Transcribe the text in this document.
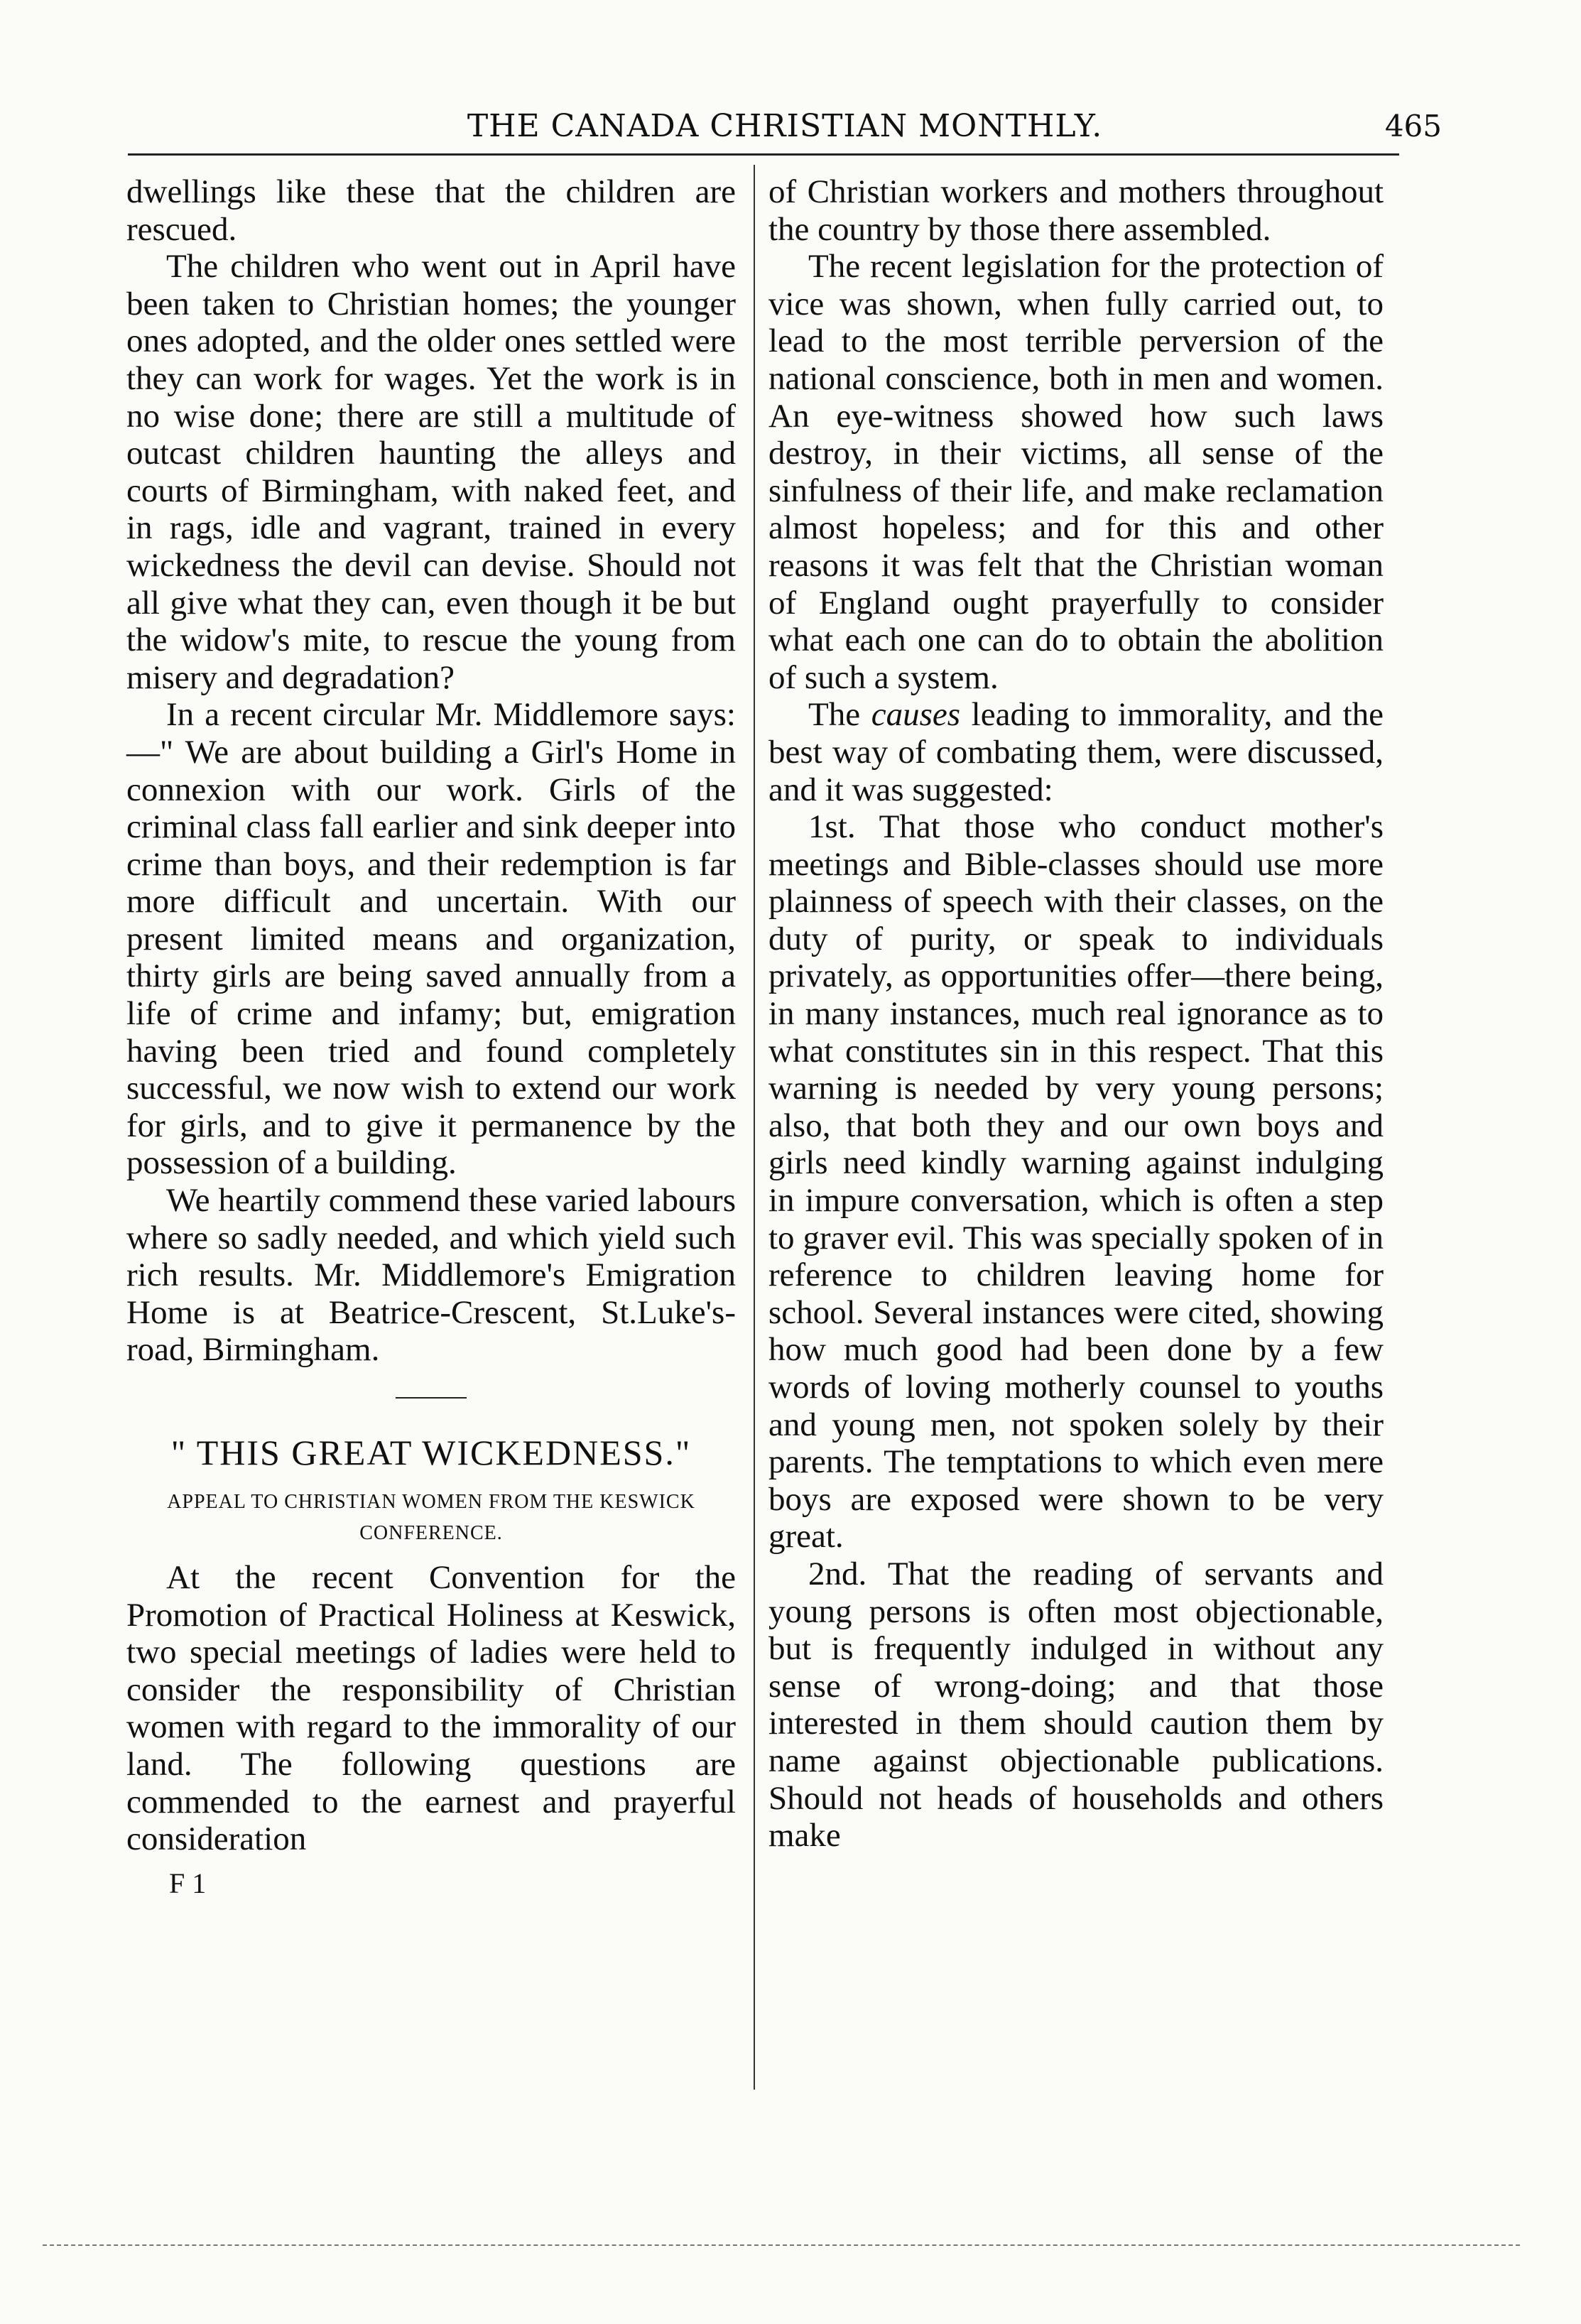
THE CANADA CHRISTIAN MONTHLY.	465

dwellings like these that the children are rescued.

The children who went out in April have been taken to Christian homes; the younger ones adopted, and the older ones settled were they can work for wages. Yet the work is in no wise done; there are still a multitude of outcast children haunting the alleys and courts of Birmingham, with naked feet, and in rags, idle and vagrant, trained in every wickedness the devil can devise. Should not all give what they can, even though it be but the widow's mite, to rescue the young from misery and degradation?

In a recent circular Mr. Middlemore says:—" We are about building a Girl's Home in connexion with our work. Girls of the criminal class fall earlier and sink deeper into crime than boys, and their redemption is far more difficult and uncertain. With our present limited means and organization, thirty girls are being saved annually from a life of crime and infamy; but, emigration having been tried and found completely successful, we now wish to extend our work for girls, and to give it permanence by the possession of a building.

We heartily commend these varied labours where so sadly needed, and which yield such rich results. Mr. Middlemore's Emigration Home is at Beatrice-Crescent, St.Luke's-road, Birmingham.

" THIS GREAT WICKEDNESS."
APPEAL TO CHRISTIAN WOMEN FROM THE KESWICK CONFERENCE.

At the recent Convention for the Promotion of Practical Holiness at Keswick, two special meetings of ladies were held to consider the responsibility of Christian women with regard to the immorality of our land. The following questions are commended to the earnest and prayerful consideration

F 1

of Christian workers and mothers throughout the country by those there assembled.

The recent legislation for the protection of vice was shown, when fully carried out, to lead to the most terrible perversion of the national conscience, both in men and women. An eye-witness showed how such laws destroy, in their victims, all sense of the sinfulness of their life, and make reclamation almost hopeless; and for this and other reasons it was felt that the Christian woman of England ought prayerfully to consider what each one can do to obtain the abolition of such a system.

The causes leading to immorality, and the best way of combating them, were discussed, and it was suggested:

1st. That those who conduct mother's meetings and Bible-classes should use more plainness of speech with their classes, on the duty of purity, or speak to individuals privately, as opportunities offer—there being, in many instances, much real ignorance as to what constitutes sin in this respect. That this warning is needed by very young persons; also, that both they and our own boys and girls need kindly warning against indulging in impure conversation, which is often a step to graver evil. This was specially spoken of in reference to children leaving home for school. Several instances were cited, showing how much good had been done by a few words of loving motherly counsel to youths and young men, not spoken solely by their parents. The temptations to which even mere boys are exposed were shown to be very great.

2nd. That the reading of servants and young persons is often most objectionable, but is frequently indulged in without any sense of wrong-doing; and that those interested in them should caution them by name against objectionable publications. Should not heads of households and others make
